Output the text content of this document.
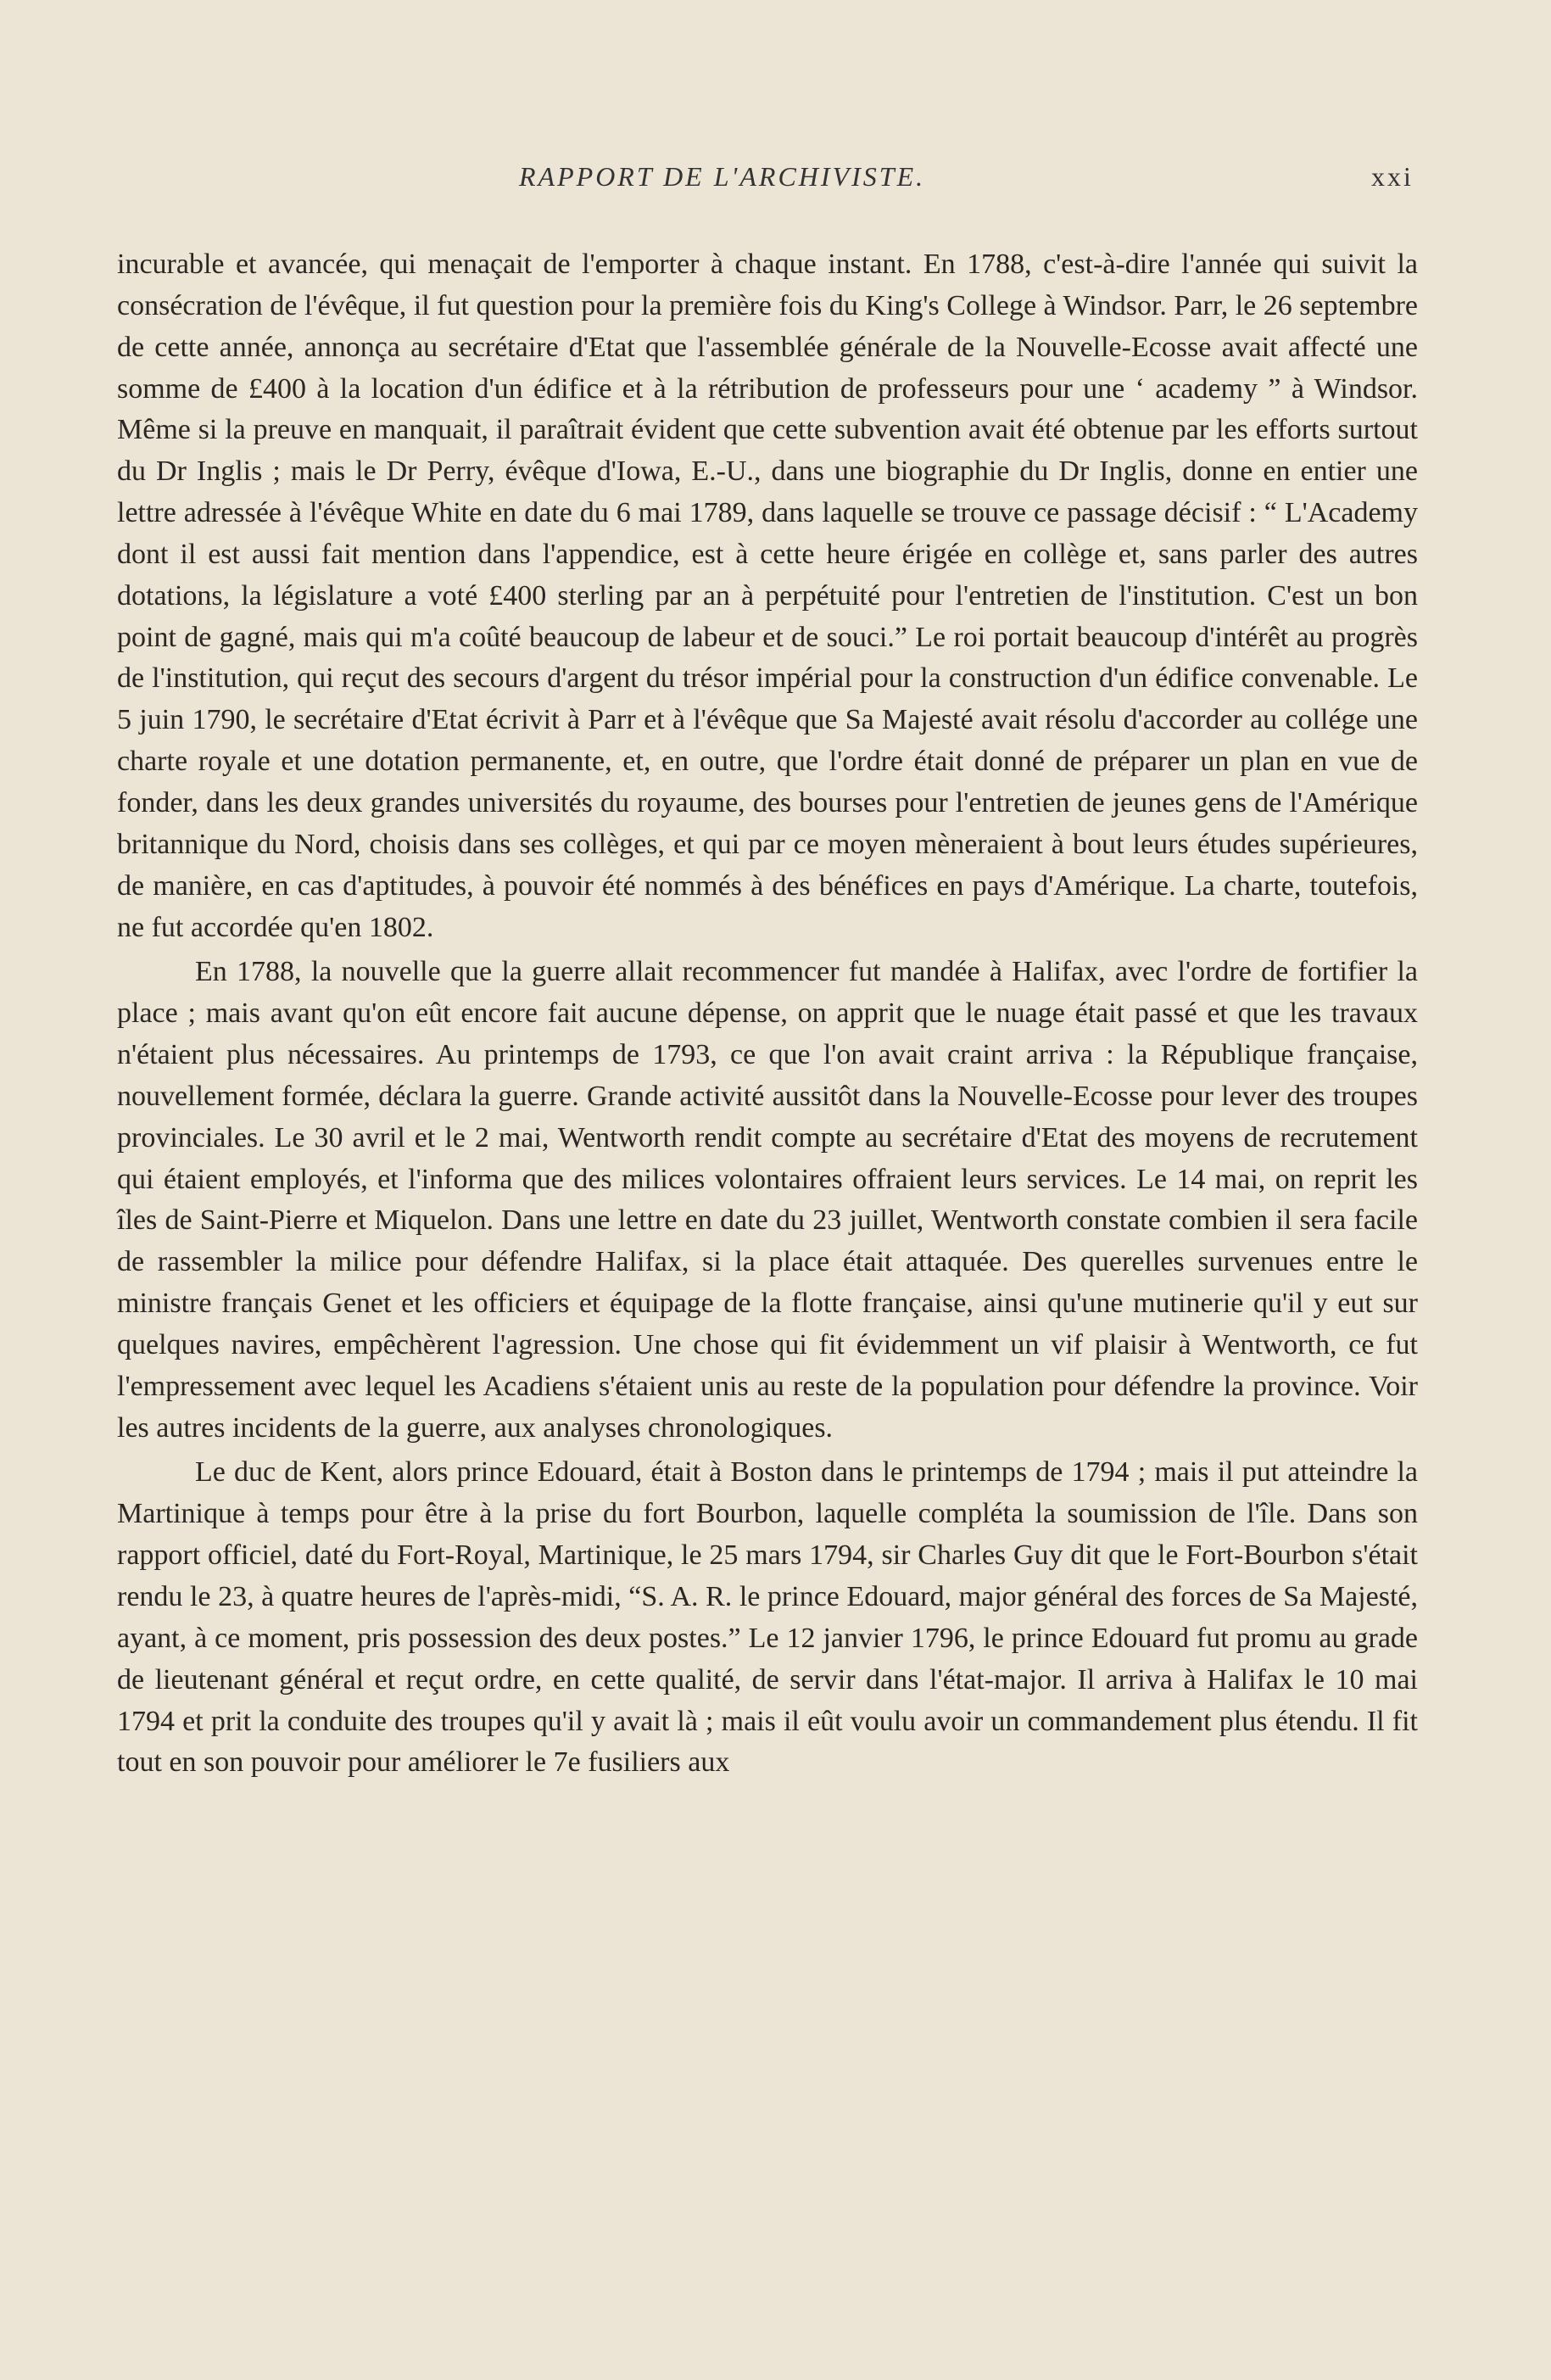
RAPPORT DE L'ARCHIVISTE.	xxi

incurable et avancée, qui menaçait de l'emporter à chaque instant. En 1788, c'est-à-dire l'année qui suivit la consécration de l'évêque, il fut question pour la première fois du King's College à Windsor. Parr, le 26 septembre de cette année, annonça au secrétaire d'Etat que l'assemblée générale de la Nouvelle-Ecosse avait affecté une somme de £400 à la location d'un édifice et à la rétribution de professeurs pour une ‘ academy ” à Windsor. Même si la preuve en manquait, il paraîtrait évident que cette subvention avait été obtenue par les efforts surtout du Dr Inglis ; mais le Dr Perry, évêque d'Iowa, E.-U., dans une biographie du Dr Inglis, donne en entier une lettre adressée à l'évêque White en date du 6 mai 1789, dans laquelle se trouve ce passage décisif : “ L'Academy dont il est aussi fait mention dans l'appendice, est à cette heure érigée en collège et, sans parler des autres dotations, la législature a voté £400 sterling par an à perpétuité pour l'entretien de l'institution. C'est un bon point de gagné, mais qui m'a coûté beaucoup de labeur et de souci.” Le roi portait beaucoup d'intérêt au progrès de l'institution, qui reçut des secours d'argent du trésor impérial pour la construction d'un édifice convenable. Le 5 juin 1790, le secrétaire d'Etat écrivit à Parr et à l'évêque que Sa Majesté avait résolu d'accorder au collége une charte royale et une dotation permanente, et, en outre, que l'ordre était donné de préparer un plan en vue de fonder, dans les deux grandes universités du royaume, des bourses pour l'entretien de jeunes gens de l'Amérique britannique du Nord, choisis dans ses collèges, et qui par ce moyen mèneraient à bout leurs études supérieures, de manière, en cas d'aptitudes, à pouvoir été nommés à des bénéfices en pays d'Amérique. La charte, toutefois, ne fut accordée qu'en 1802.

En 1788, la nouvelle que la guerre allait recommencer fut mandée à Halifax, avec l'ordre de fortifier la place ; mais avant qu'on eût encore fait aucune dépense, on apprit que le nuage était passé et que les travaux n'étaient plus nécessaires. Au printemps de 1793, ce que l'on avait craint arriva : la République française, nouvellement formée, déclara la guerre. Grande activité aussitôt dans la Nouvelle-Ecosse pour lever des troupes provinciales. Le 30 avril et le 2 mai, Wentworth rendit compte au secrétaire d'Etat des moyens de recrutement qui étaient employés, et l'informa que des milices volontaires offraient leurs services. Le 14 mai, on reprit les îles de Saint-Pierre et Miquelon. Dans une lettre en date du 23 juillet, Wentworth constate combien il sera facile de rassembler la milice pour défendre Halifax, si la place était attaquée. Des querelles survenues entre le ministre français Genet et les officiers et équipage de la flotte française, ainsi qu'une mutinerie qu'il y eut sur quelques navires, empêchèrent l'agression. Une chose qui fit évidemment un vif plaisir à Wentworth, ce fut l'empressement avec lequel les Acadiens s'étaient unis au reste de la population pour défendre la province. Voir les autres incidents de la guerre, aux analyses chronologiques.

Le duc de Kent, alors prince Edouard, était à Boston dans le printemps de 1794 ; mais il put atteindre la Martinique à temps pour être à la prise du fort Bourbon, laquelle compléta la soumission de l'île. Dans son rapport officiel, daté du Fort-Royal, Martinique, le 25 mars 1794, sir Charles Guy dit que le Fort-Bourbon s'était rendu le 23, à quatre heures de l'après-midi, “S. A. R. le prince Edouard, major général des forces de Sa Majesté, ayant, à ce moment, pris possession des deux postes.” Le 12 janvier 1796, le prince Edouard fut promu au grade de lieutenant général et reçut ordre, en cette qualité, de servir dans l'état-major. Il arriva à Halifax le 10 mai 1794 et prit la conduite des troupes qu'il y avait là ; mais il eût voulu avoir un commandement plus étendu. Il fit tout en son pouvoir pour améliorer le 7e fusiliers aux
